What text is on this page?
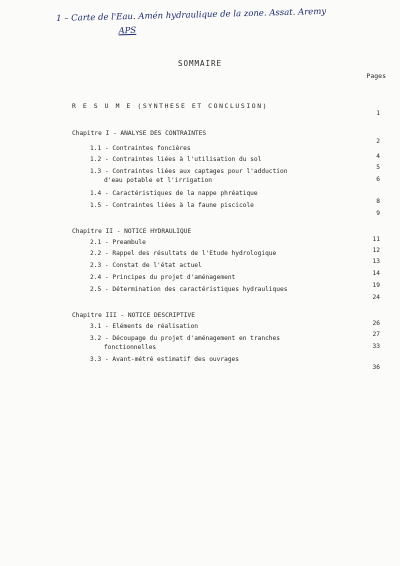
1 – Carte de l'Eau. Amén hydraulique de la zone. Assat. Aremy
APS
SOMMAIRE
Pages

R E S U M E (SYNTHESE ET CONCLUSION)

1

Chapitre I - ANALYSE DES CONTRAINTES

2

1.1 - Contraintes foncières

4

1.2 - Contraintes liées à l'utilisation du sol

5

1.3 - Contraintes liées aux captages pour l'adduction

6

d'eau potable et l'irrigation

1.4 - Caractéristiques de la nappe phréatique

8

1.5 - Contraintes liées à la faune piscicole

9

Chapitre II - NOTICE HYDRAULIQUE

11

2.1 - Preambule

12

2.2 - Rappel des résultats de l'Etude hydrologique

13

2.3 - Constat de l'état actuel

14

2.4 - Principes du projet d'aménagement

19

2.5 - Détermination des caractéristiques hydrauliques

24

Chapitre III - NOTICE DESCRIPTIVE

26

3.1 - Eléments de réalisation

27

3.2 - Découpage du projet d'aménagement en tranches

33

fonctionnelles

3.3 - Avant-métré estimatif des ouvrages

36
